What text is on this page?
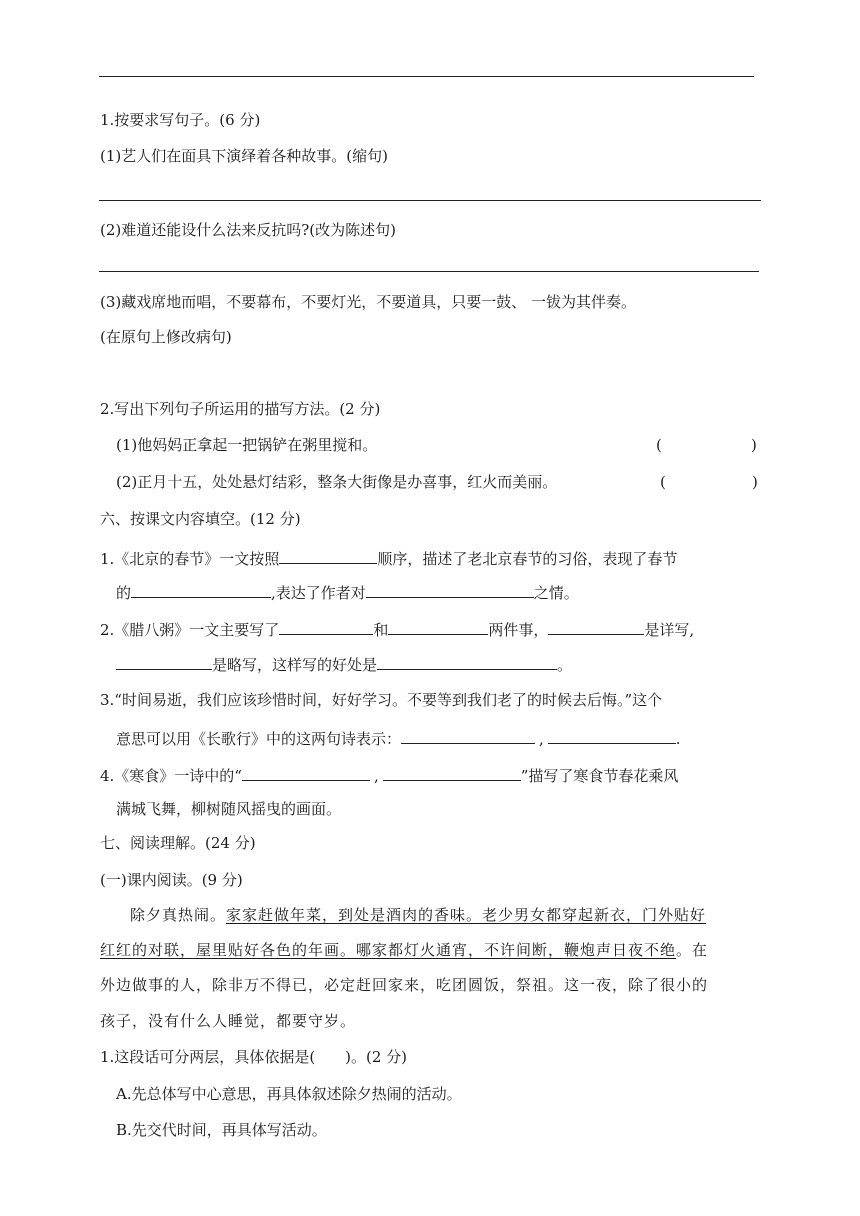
1.按要求写句子。(6 分)
(1)艺人们在面具下演绎着各种故事。(缩句)
(2)难道还能设什么法来反抗吗?(改为陈述句)
(3)藏戏席地而唱，不要幕布，不要灯光，不要道具，只要一鼓、 一钹为其伴奏。
(在原句上修改病句)
2.写出下列句子所运用的描写方法。(2 分)
(1)他妈妈正拿起一把锅铲在粥里搅和。	(	)
(2)正月十五，处处悬灯结彩，整条大街像是办喜事，红火而美丽。	(	)
六、按课文内容填空。(12 分)
1.《北京的春节》一文按照	顺序，描述了老北京春节的习俗，表现了春节
的	,表达了作者对	之情。
2.《腊八粥》一文主要写了	和	两件事，	是详写,
是略写，这样写的好处是	。
3.“时间易逝，我们应该珍惜时间，好好学习。不要等到我们老了的时候去后悔。”这个
意思可以用《长歌行》中的这两句诗表示：	,	.
4.《寒食》一诗中的“	,	”描写了寒食节春花乘风
满城飞舞，柳树随风摇曳的画面。
七、阅读理解。(24 分)
(一)课内阅读。(9 分)
除夕真热闹。家家赶做年菜，到处是酒肉的香味。老少男女都穿起新衣，门外贴好
红红的对联，屋里贴好各色的年画。哪家都灯火通宵，不许间断，鞭炮声日夜不绝。在
外边做事的人，除非万不得已，必定赶回家来，吃团圆饭，祭祖。这一夜，除了很小的
孩子，没有什么人睡觉，都要守岁。
1.这段话可分两层，具体依据是(　　)。(2 分)
A.先总体写中心意思，再具体叙述除夕热闹的活动。
B.先交代时间，再具体写活动。
